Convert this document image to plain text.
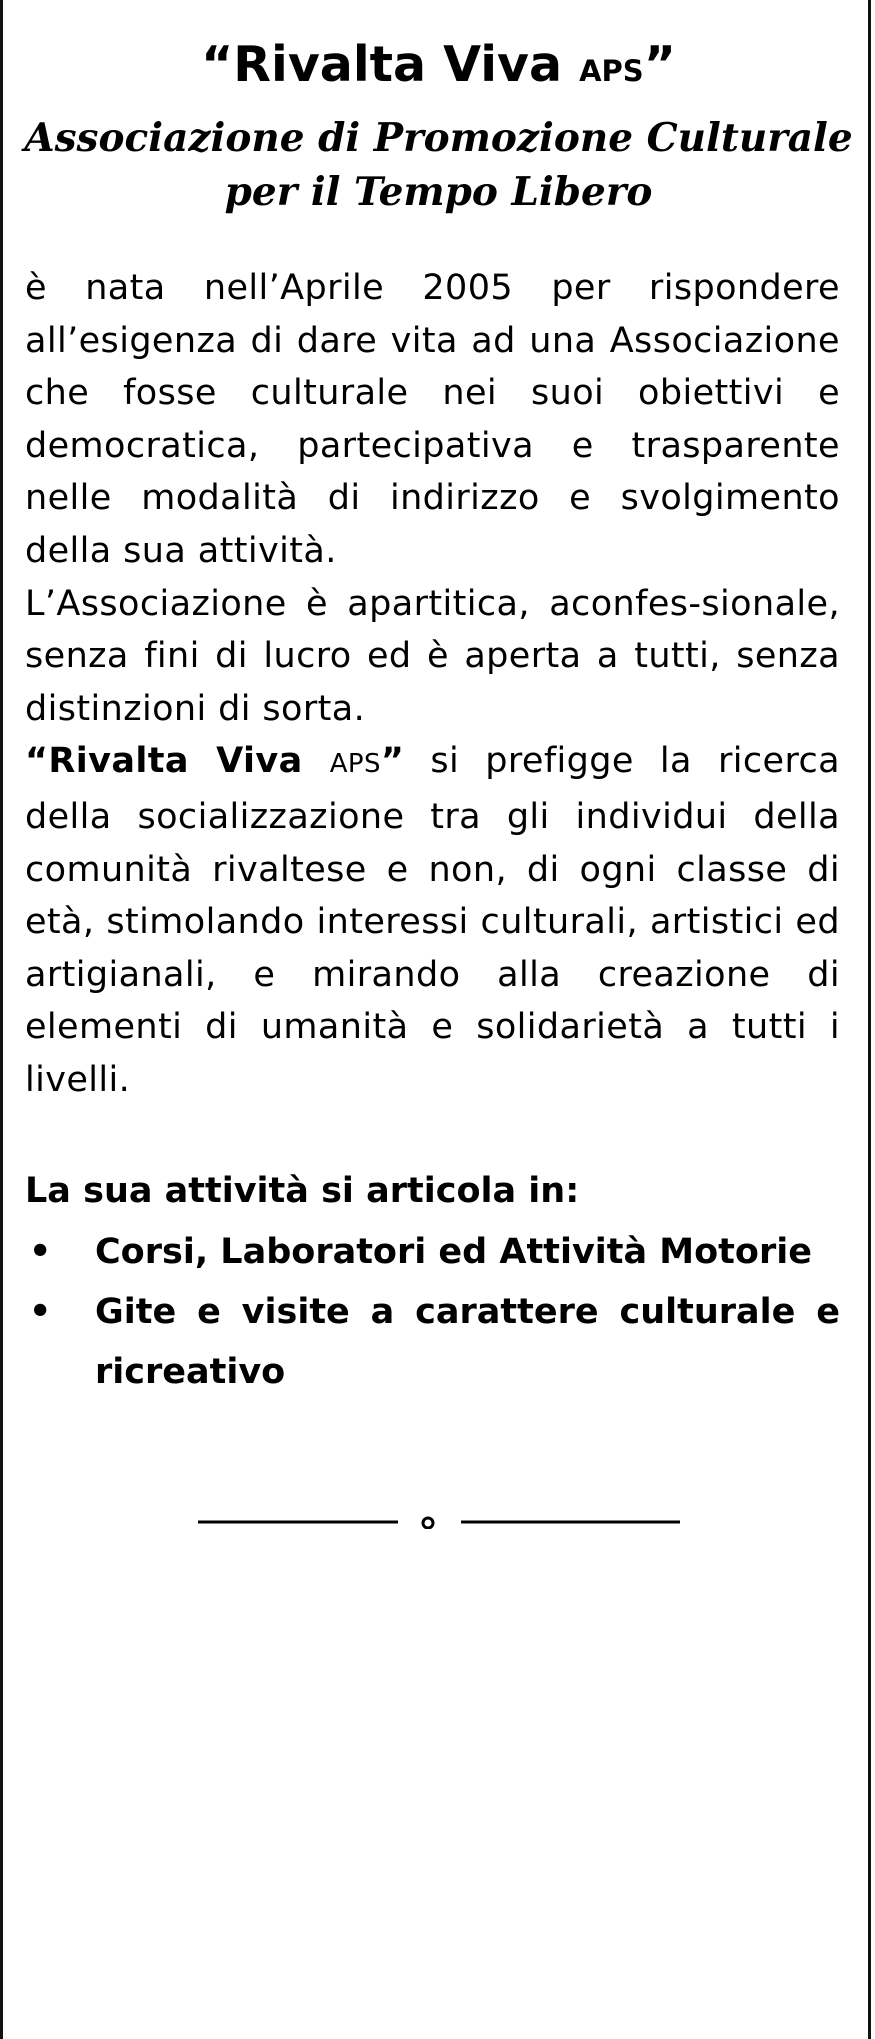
“Rivalta Viva APS”
Associazione di Promozione Culturale
per il Tempo Libero

è nata nell’Aprile 2005 per rispondere all’esigenza di dare vita ad una Associazione che fosse culturale nei suoi obiettivi e democratica, partecipativa e trasparente nelle modalità di indirizzo e svolgimento della sua attività.

L’Associazione è apartitica, aconfes-sionale, senza fini di lucro ed è aperta a tutti, senza distinzioni di sorta.

“Rivalta Viva APS” si prefigge la ricerca della socializzazione tra gli individui della comunità rivaltese e non, di ogni classe di età, stimolando interessi culturali, artistici ed artigianali, e mirando alla creazione di elementi di umanità e solidarietà a tutti i livelli.

La sua attività si articola in:
• Corsi, Laboratori ed Attività Motorie
• Gite e visite a carattere culturale e ricreativo
